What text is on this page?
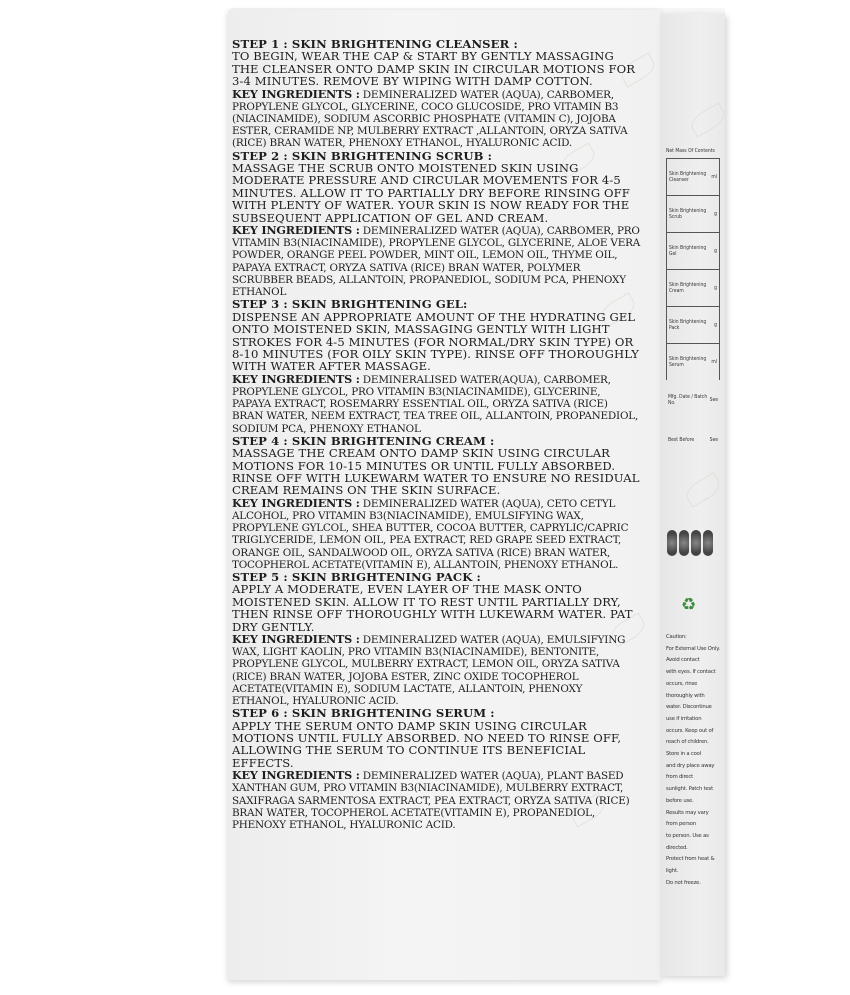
STEP 1 : SKIN BRIGHTENING CLEANSER :

TO BEGIN, WEAR THE CAP & START BY GENTLY MASSAGING THE CLEANSER ONTO DAMP SKIN IN CIRCULAR MOTIONS FOR 3-4 MINUTES. REMOVE BY WIPING WITH DAMP COTTON.

KEY INGREDIENTS : DEMINERALIZED WATER (AQUA), CARBOMER, PROPYLENE GLYCOL, GLYCERINE, COCO GLUCOSIDE, PRO VITAMIN B3 (NIACINAMIDE), SODIUM ASCORBIC PHOSPHATE (VITAMIN C), JOJOBA ESTER, CERAMIDE NP, MULBERRY EXTRACT ,ALLANTOIN, ORYZA SATIVA (RICE) BRAN WATER, PHENOXY ETHANOL, HYALURONIC ACID.

STEP 2 : SKIN BRIGHTENING SCRUB :

MASSAGE THE SCRUB ONTO MOISTENED SKIN USING MODERATE PRESSURE AND CIRCULAR MOVEMENTS FOR 4-5 MINUTES. ALLOW IT TO PARTIALLY DRY BEFORE RINSING OFF WITH PLENTY OF WATER. YOUR SKIN IS NOW READY FOR THE SUBSEQUENT APPLICATION OF GEL AND CREAM.

KEY INGREDIENTS : DEMINERALIZED WATER (AQUA), CARBOMER, PRO VITAMIN B3(NIACINAMIDE), PROPYLENE GLYCOL, GLYCERINE, ALOE VERA POWDER, ORANGE PEEL POWDER, MINT OIL, LEMON OIL, THYME OIL, PAPAYA EXTRACT, ORYZA SATIVA (RICE) BRAN WATER, POLYMER SCRUBBER BEADS, ALLANTOIN, PROPANEDIOL, SODIUM PCA, PHENOXY ETHANOL

STEP 3 : SKIN BRIGHTENING GEL:

DISPENSE AN APPROPRIATE AMOUNT OF THE HYDRATING GEL ONTO MOISTENED SKIN, MASSAGING GENTLY WITH LIGHT STROKES FOR 4-5 MINUTES (FOR NORMAL/DRY SKIN TYPE) OR 8-10 MINUTES (FOR OILY SKIN TYPE). RINSE OFF THOROUGHLY WITH WATER AFTER MASSAGE.

KEY INGREDIENTS : DEMINERALISED WATER(AQUA), CARBOMER, PROPYLENE GLYCOL, PRO VITAMIN B3(NIACINAMIDE), GLYCERINE, PAPAYA EXTRACT, ROSEMARRY ESSENTIAL OIL, ORYZA SATIVA (RICE) BRAN WATER, NEEM EXTRACT, TEA TREE OIL, ALLANTOIN, PROPANEDIOL, SODIUM PCA, PHENOXY ETHANOL

STEP 4 : SKIN BRIGHTENING CREAM :

MASSAGE THE CREAM ONTO DAMP SKIN USING CIRCULAR MOTIONS FOR 10-15 MINUTES OR UNTIL FULLY ABSORBED. RINSE OFF WITH LUKEWARM WATER TO ENSURE NO RESIDUAL CREAM REMAINS ON THE SKIN SURFACE.

KEY INGREDIENTS : DEMINERALIZED WATER (AQUA), CETO CETYL ALCOHOL, PRO VITAMIN B3(NIACINAMIDE), EMULSIFYING WAX, PROPYLENE GYLCOL, SHEA BUTTER, COCOA BUTTER, CAPRYLIC/CAPRIC TRIGLYCERIDE, LEMON OIL, PEA EXTRACT, RED GRAPE SEED EXTRACT, ORANGE OIL, SANDALWOOD OIL, ORYZA SATIVA (RICE) BRAN WATER, TOCOPHEROL ACETATE(VITAMIN E), ALLANTOIN, PHENOXY ETHANOL.

STEP 5 : SKIN BRIGHTENING PACK :

APPLY A MODERATE, EVEN LAYER OF THE MASK ONTO MOISTENED SKIN. ALLOW IT TO REST UNTIL PARTIALLY DRY, THEN RINSE OFF THOROUGHLY WITH LUKEWARM WATER. PAT DRY GENTLY.

KEY INGREDIENTS : DEMINERALIZED WATER (AQUA), EMULSIFYING WAX, LIGHT KAOLIN, PRO VITAMIN B3(NIACINAMIDE), BENTONITE, PROPYLENE GLYCOL, MULBERRY EXTRACT, LEMON OIL, ORYZA SATIVA (RICE) BRAN WATER, JOJOBA ESTER, ZINC OXIDE TOCOPHEROL ACETATE(VITAMIN E), SODIUM LACTATE, ALLANTOIN, PHENOXY ETHANOL, HYALURONIC ACID.

STEP 6 : SKIN BRIGHTENING SERUM :

APPLY THE SERUM ONTO DAMP SKIN USING CIRCULAR MOTIONS UNTIL FULLY ABSORBED. NO NEED TO RINSE OFF, ALLOWING THE SERUM TO CONTINUE ITS BENEFICIAL EFFECTS.

KEY INGREDIENTS : DEMINERALIZED WATER (AQUA), PLANT BASED XANTHAN GUM, PRO VITAMIN B3(NIACINAMIDE), MULBERRY EXTRACT, SAXIFRAGA SARMENTOSA EXTRACT, PEA EXTRACT, ORYZA SATIVA (RICE) BRAN WATER, TOCOPHEROL ACETATE(VITAMIN E), PROPANEDIOL, PHENOXY ETHANOL, HYALURONIC ACID.

Net Mass Of Contents
Skin Brightening Cleanser	ml
Skin Brightening Scrub	g
Skin Brightening Gel	g
Skin Brightening Cream	g
Skin Brightening Pack	g
Skin Brightening Serum	ml
Mfg. Date / Batch No.	See
Best Before	See
♻
Caution:
For External Use Only. Avoid contact
with eyes. If contact occurs, rinse
thoroughly with water. Discontinue
use if irritation occurs. Keep out of
reach of children. Store in a cool
and dry place away from direct
sunlight. Patch test before use.
Results may vary from person
to person. Use as directed.
Protect from heat & light.
Do not freeze.
